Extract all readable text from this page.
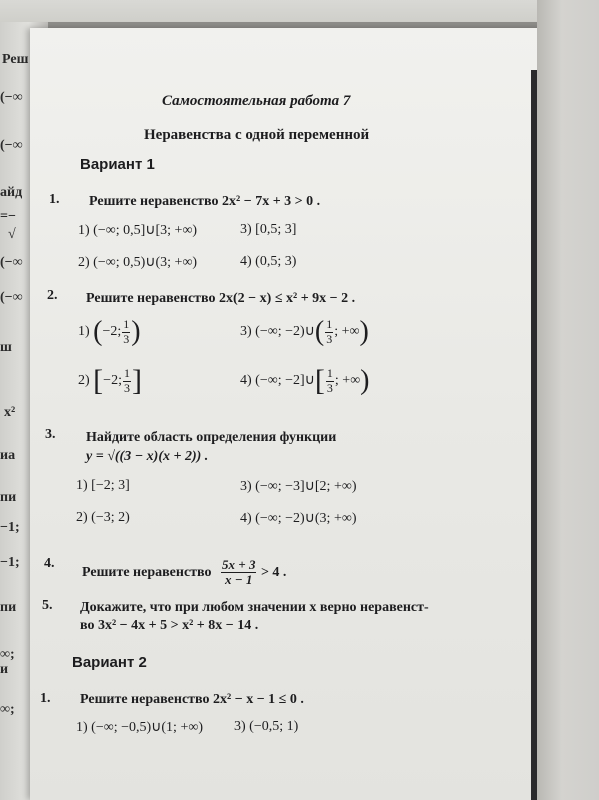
Реш
(−∞
(−∞
айд
=−
√
(−∞
(−∞
ш
x²
иа
пи
−1;
−1;
пи
∞;
и
∞;
Самостоятельная работа 7
Неравенства с одной переменной
Вариант 1
1. Решите неравенство 2x² − 7x + 3 > 0 .
1) (−∞; 0,5]∪[3; +∞)	3) [0,5; 3]
2) (−∞; 0,5)∪(3; +∞)	4) (0,5; 3)
2. Решите неравенство 2x(2 − x) ≤ x² + 9x − 2 .
1) (−2; $\frac{1}{3}$ )	3) (−∞; −2)∪( $\frac{1}{3}$ ; +∞)
2) [−2; $\frac{1}{3}$ ]	4) (−∞; −2]∪[ $\frac{1}{3}$ ; +∞)
3. Найдите область определения функции
y = √((3 − x)(x + 2)) .
1) [−2; 3]	3) (−∞; −3]∪[2; +∞)
2) (−3; 2)	4) (−∞; −2)∪(3; +∞)
4.
Решите неравенство $\frac{5x + 3}{x - 1} > 4$ .
5. Докажите, что при любом значении x верно неравенст-
во 3x² − 4x + 5 > x² + 8x − 14 .
Вариант 2
1. Решите неравенство 2x² − x − 1 ≤ 0 .
1) (−∞; −0,5)∪(1; +∞) 3) (−0,5; 1)
